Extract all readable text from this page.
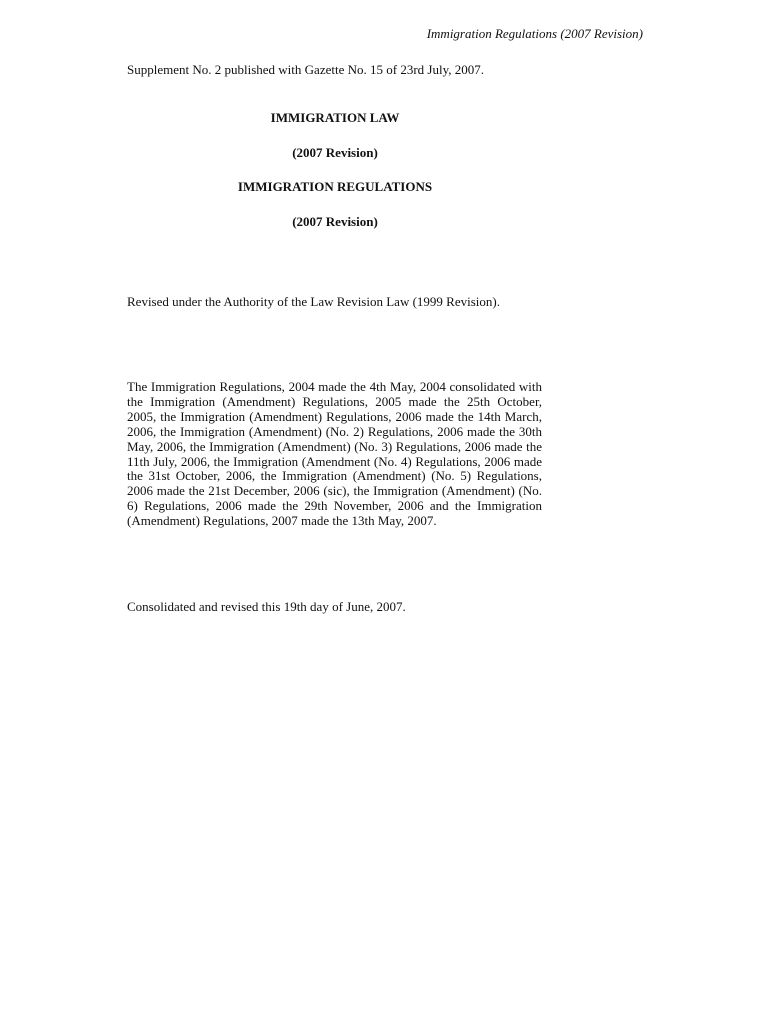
Immigration Regulations (2007 Revision)
Supplement No. 2 published with Gazette No. 15 of 23rd July, 2007.
IMMIGRATION LAW
(2007 Revision)
IMMIGRATION REGULATIONS
(2007 Revision)
Revised under the Authority of the Law Revision Law (1999 Revision).
The Immigration Regulations, 2004 made the 4th May, 2004 consolidated with the Immigration (Amendment) Regulations, 2005 made the 25th October, 2005, the Immigration (Amendment) Regulations, 2006 made the 14th March, 2006, the Immigration (Amendment) (No. 2) Regulations, 2006 made the 30th May, 2006, the Immigration (Amendment) (No. 3) Regulations, 2006 made the 11th July, 2006, the Immigration (Amendment (No. 4) Regulations, 2006 made the 31st October, 2006, the Immigration (Amendment) (No. 5) Regulations, 2006 made the 21st December, 2006 (sic), the Immigration (Amendment) (No. 6) Regulations, 2006 made the 29th November, 2006 and the Immigration (Amendment) Regulations, 2007 made the 13th May, 2007.
Consolidated and revised this 19th day of June, 2007.
